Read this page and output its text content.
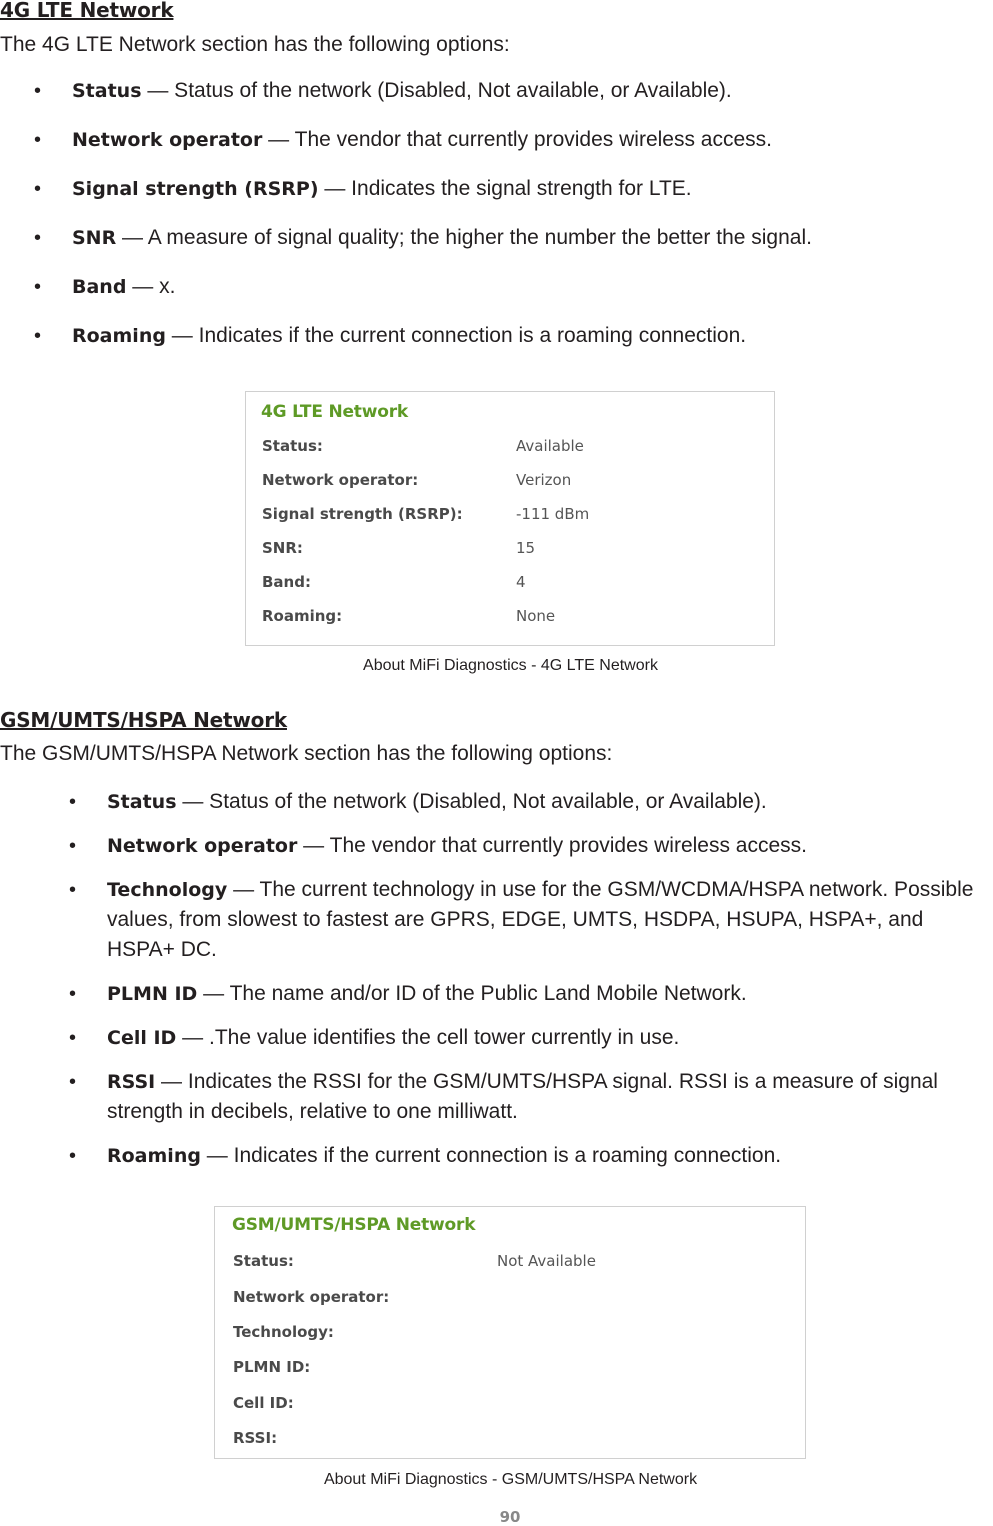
4G LTE Network

The 4G LTE Network section has the following options:

• Status — Status of the network (Disabled, Not available, or Available).
• Network operator — The vendor that currently provides wireless access.
• Signal strength (RSRP) — Indicates the signal strength for LTE.
• SNR — A measure of signal quality; the higher the number the better the signal.
• Band — x.
• Roaming — Indicates if the current connection is a roaming connection.
4G LTE Network
Status:	Available
Network operator:	Verizon
Signal strength (RSRP):	-111 dBm
SNR:	15
Band:	4
Roaming:	None

About MiFi Diagnostics - 4G LTE Network

GSM/UMTS/HSPA Network

The GSM/UMTS/HSPA Network section has the following options:

• Status — Status of the network (Disabled, Not available, or Available).
• Network operator — The vendor that currently provides wireless access.
• Technology — The current technology in use for the GSM/WCDMA/HSPA network. Possible values, from slowest to fastest are GPRS, EDGE, UMTS, HSDPA, HSUPA, HSPA+, and HSPA+ DC.
• PLMN ID — The name and/or ID of the Public Land Mobile Network.
• Cell ID — .The value identifies the cell tower currently in use.
• RSSI — Indicates the RSSI for the GSM/UMTS/HSPA signal. RSSI is a measure of signal strength in decibels, relative to one milliwatt.
• Roaming — Indicates if the current connection is a roaming connection.
GSM/UMTS/HSPA Network
Status:	Not Available
Network operator:
Technology:
PLMN ID:
Cell ID:
RSSI:

About MiFi Diagnostics - GSM/UMTS/HSPA Network

90
